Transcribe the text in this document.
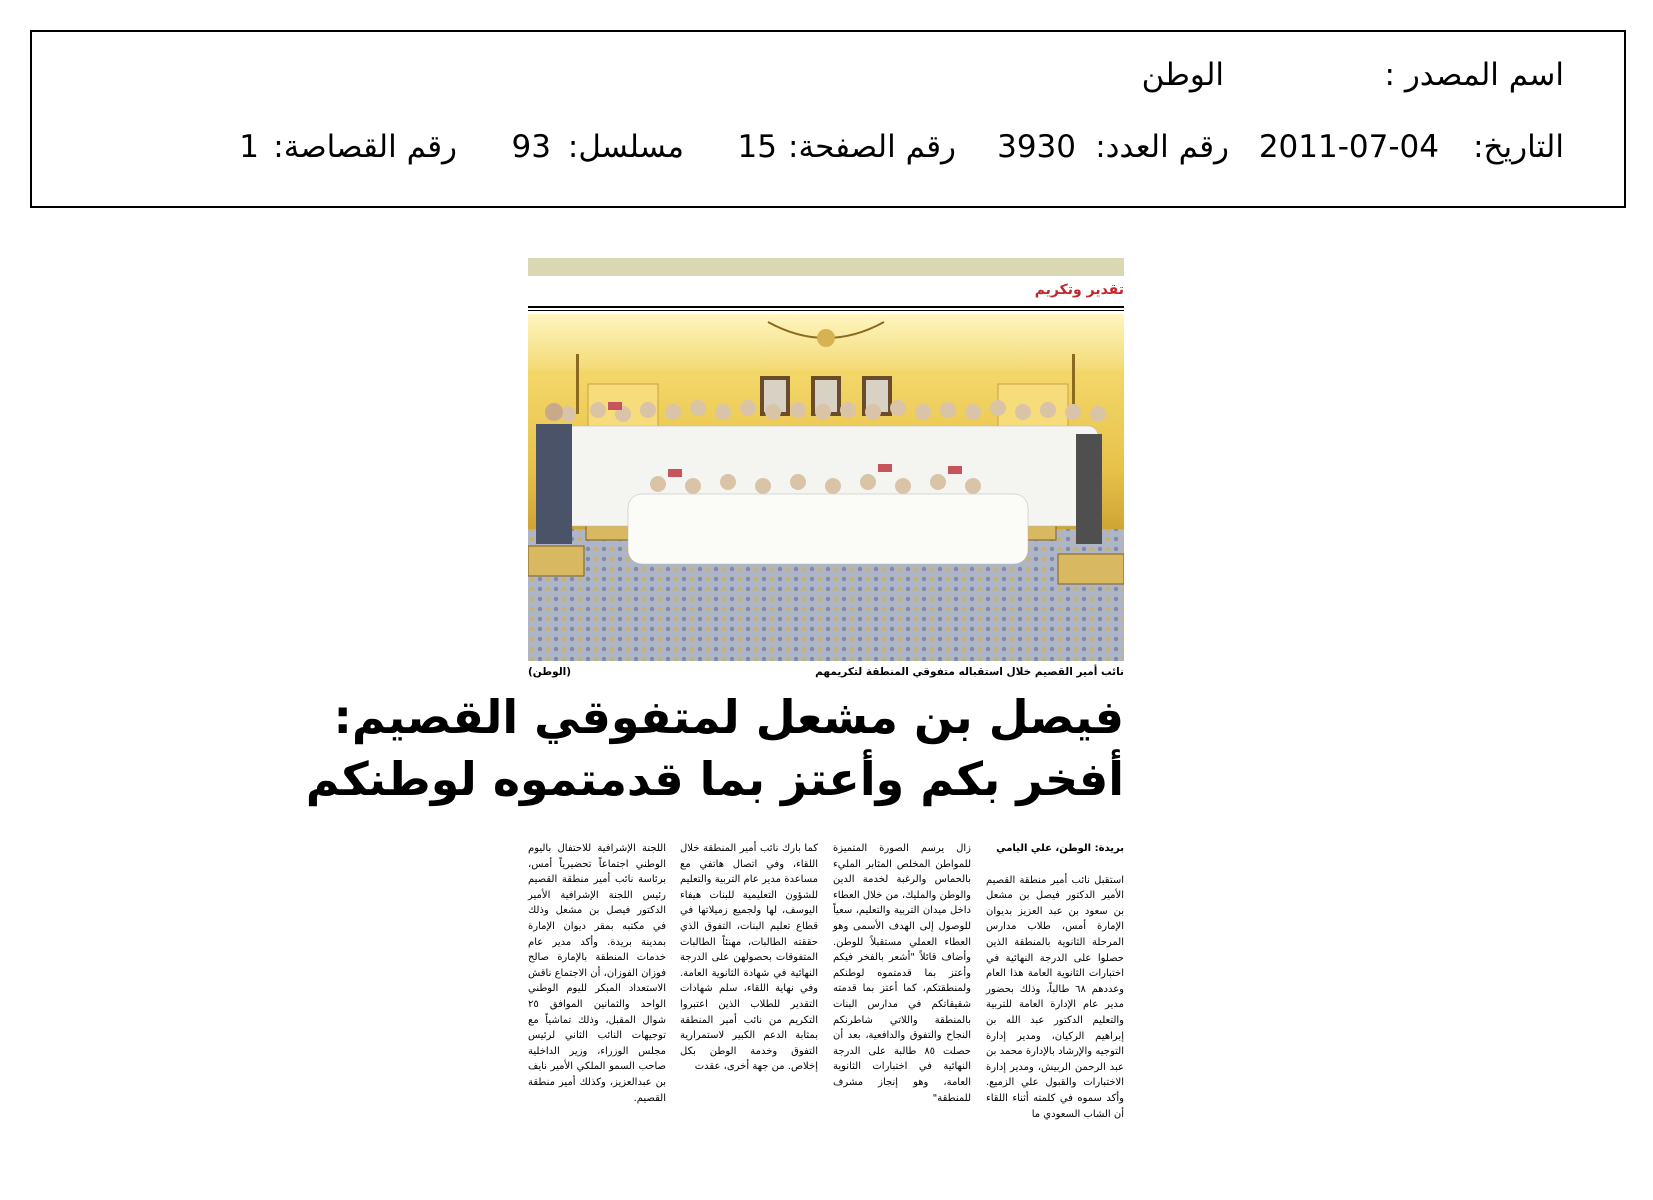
اسم المصدر :
الوطن
التاريخ:
2011-07-04
رقم العدد:
3930
رقم الصفحة:
15
مسلسل:
93
رقم القصاصة:
1
تقدير وتكريم
نائب أمير القصيم خلال استقباله متفوقي المنطقة لتكريمهم
(الوطن)
فيصل بن مشعل لمتفوقي القصيم:
أفخر بكم وأعتز بما قدمتموه لوطنكم
بريدة: الوطن، علي اليامي
استقبل نائب أمير منطقة القصيم الأمير الدكتور فيصل بن مشعل بن سعود بن عبد العزيز بديوان الإمارة أمس، طلاب مدارس المرحلة الثانوية بالمنطقة الذين حصلوا على الدرجة النهائية في اختبارات الثانوية العامة هذا العام وعددهم ٦٨ طالباً، وذلك بحضور مدير عام الإدارة العامة للتربية والتعليم الدكتور عبد الله بن إبراهيم الركيان، ومدير إدارة التوجيه والإرشاد بالإدارة محمد بن عبد الرحمن الربيش، ومدير إدارة الاختبارات والقبول علي الزميع. وأكد سموه في كلمته أثناء اللقاء أن الشاب السعودي ما
زال يرسم الصورة المتميزة للمواطن المخلص المثابر المليء بالحماس والرغبة لخدمة الدين والوطن والمليك، من خلال العطاء داخل ميدان التربية والتعليم، سعياً للوصول إلى الهدف الأسمى وهو العطاء العملي مستقبلاً للوطن. وأضاف قائلاً "أشعر بالفخر فيكم وأعتز بما قدمتموه لوطنكم ولمنطقتكم، كما أعتز بما قدمته شقيقاتكم في مدارس البنات بالمنطقة واللاتي شاطرنكم النجاح والتفوق والدافعية، بعد أن حصلت ٨٥ طالبة على الدرجة النهائية في اختبارات الثانوية العامة، وهو إنجاز مشرف للمنطقة"
كما بارك نائب أمير المنطقة خلال اللقاء، وفي اتصال هاتفي مع مساعدة مدير عام التربية والتعليم للشؤون التعليمية للبنات هيفاء اليوسف، لها ولجميع زميلاتها في قطاع تعليم البنات، التفوق الذي حققته الطالبات، مهنئاً الطالبات المتفوقات بحصولهن على الدرجة النهائية في شهادة الثانوية العامة. وفي نهاية اللقاء، سلم شهادات التقدير للطلاب الذين اعتبروا التكريم من نائب أمير المنطقة بمثابة الدعم الكبير لاستمرارية التفوق وخدمة الوطن بكل إخلاص. من جهة أخرى، عقدت
اللجنة الإشرافية للاحتفال باليوم الوطني اجتماعاً تحضيرياً أمس، برئاسة نائب أمير منطقة القصيم رئيس اللجنة الإشرافية الأمير الدكتور فيصل بن مشعل وذلك في مكتبه بمقر ديوان الإمارة بمدينة بريدة. وأكد مدير عام خدمات المنطقة بالإمارة صالح فوزان الفوزان، أن الاجتماع ناقش الاستعداد المبكر لليوم الوطني الواحد والثمانين الموافق ٢٥ شوال المقبل، وذلك تماشياً مع توجيهات النائب الثاني لرئيس مجلس الوزراء، وزير الداخلية صاحب السمو الملكي الأمير نايف بن عبدالعزيز، وكذلك أمير منطقة القصيم.
